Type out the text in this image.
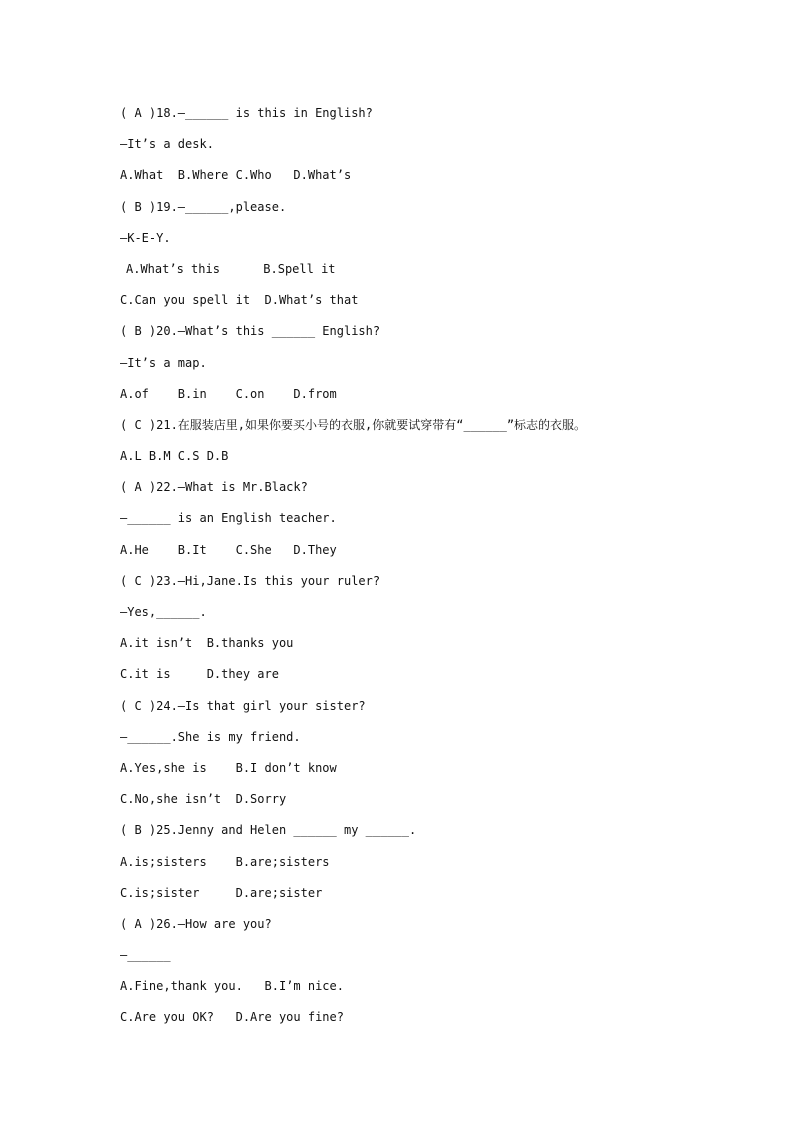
( A )18.—______ is this in English?
—It’s a desk.
A.What  B.Where C.Who   D.What’s
( B )19.—______,please.
—K-E-Y.
A.What’s this      B.Spell it
C.Can you spell it  D.What’s that
( B )20.—What’s this ______ English?
—It’s a map.
A.of    B.in    C.on    D.from
( C )21.在服装店里,如果你要买小号的衣服,你就要试穿带有“______”标志的衣服。
A.L B.M C.S D.B
( A )22.—What is Mr.Black?
—______ is an English teacher.
A.He    B.It    C.She   D.They
( C )23.—Hi,Jane.Is this your ruler?
—Yes,______.
A.it isn’t  B.thanks you
C.it is     D.they are
( C )24.—Is that girl your sister?
—______.She is my friend.
A.Yes,she is    B.I don’t know
C.No,she isn’t  D.Sorry
( B )25.Jenny and Helen ______ my ______.
A.is;sisters    B.are;sisters
C.is;sister     D.are;sister
( A )26.—How are you?
—______
A.Fine,thank you.   B.I’m nice.
C.Are you OK?   D.Are you fine?
